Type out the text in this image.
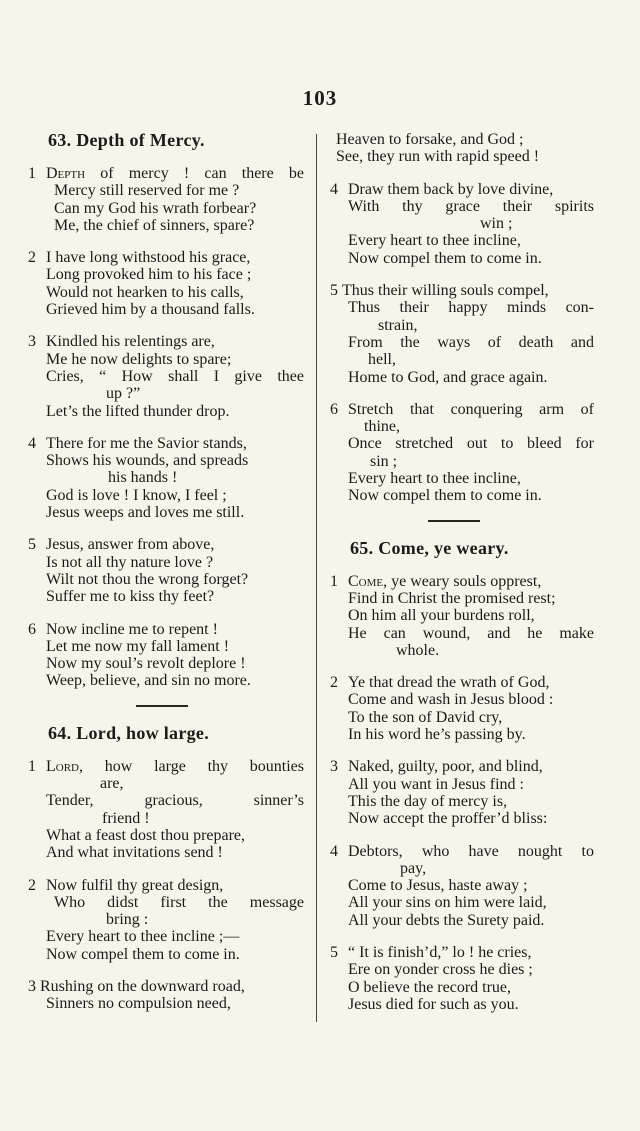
103
63. Depth of Mercy.
1 Depth of mercy ! can there be
Mercy still reserved for me ?
Can my God his wrath forbear?
Me, the chief of sinners, spare?
2 I have long withstood his grace,
Long provoked him to his face ;
Would not hearken to his calls,
Grieved him by a thousand falls.
3 Kindled his relentings are,
Me he now delights to spare;
Cries, “ How shall I give thee
up ?”
Let’s the lifted thunder drop.
4 There for me the Savior stands,
Shows his wounds, and spreads
his hands !
God is love ! I know, I feel ;
Jesus weeps and loves me still.
5 Jesus, answer from above,
Is not all thy nature love ?
Wilt not thou the wrong forget?
Suffer me to kiss thy feet?
6 Now incline me to repent !
Let me now my fall lament !
Now my soul’s revolt deplore !
Weep, believe, and sin no more.
64. Lord, how large.
1 Lord, how large thy bounties
are,
Tender, gracious, sinner’s
friend !
What a feast dost thou prepare,
And what invitations send !
2 Now fulfil thy great design,
Who didst first the message
bring :
Every heart to thee incline ;—
Now compel them to come in.
3 Rushing on the downward road,
Sinners no compulsion need,
Heaven to forsake, and God ;
See, they run with rapid speed !
4 Draw them back by love divine,
With thy grace their spirits
win ;
Every heart to thee incline,
Now compel them to come in.
5 Thus their willing souls compel,
Thus their happy minds con-
strain,
From the ways of death and
hell,
Home to God, and grace again.
6 Stretch that conquering arm of
thine,
Once stretched out to bleed for
sin ;
Every heart to thee incline,
Now compel them to come in.
65. Come, ye weary.
1 Come, ye weary souls opprest,
Find in Christ the promised rest;
On him all your burdens roll,
He can wound, and he make
whole.
2 Ye that dread the wrath of God,
Come and wash in Jesus blood :
To the son of David cry,
In his word he’s passing by.
3 Naked, guilty, poor, and blind,
All you want in Jesus find :
This the day of mercy is,
Now accept the proffer’d bliss:
4 Debtors, who have nought to
pay,
Come to Jesus, haste away ;
All your sins on him were laid,
All your debts the Surety paid.
5 “ It is finish’d,” lo ! he cries,
Ere on yonder cross he dies ;
O believe the record true,
Jesus died for such as you.
